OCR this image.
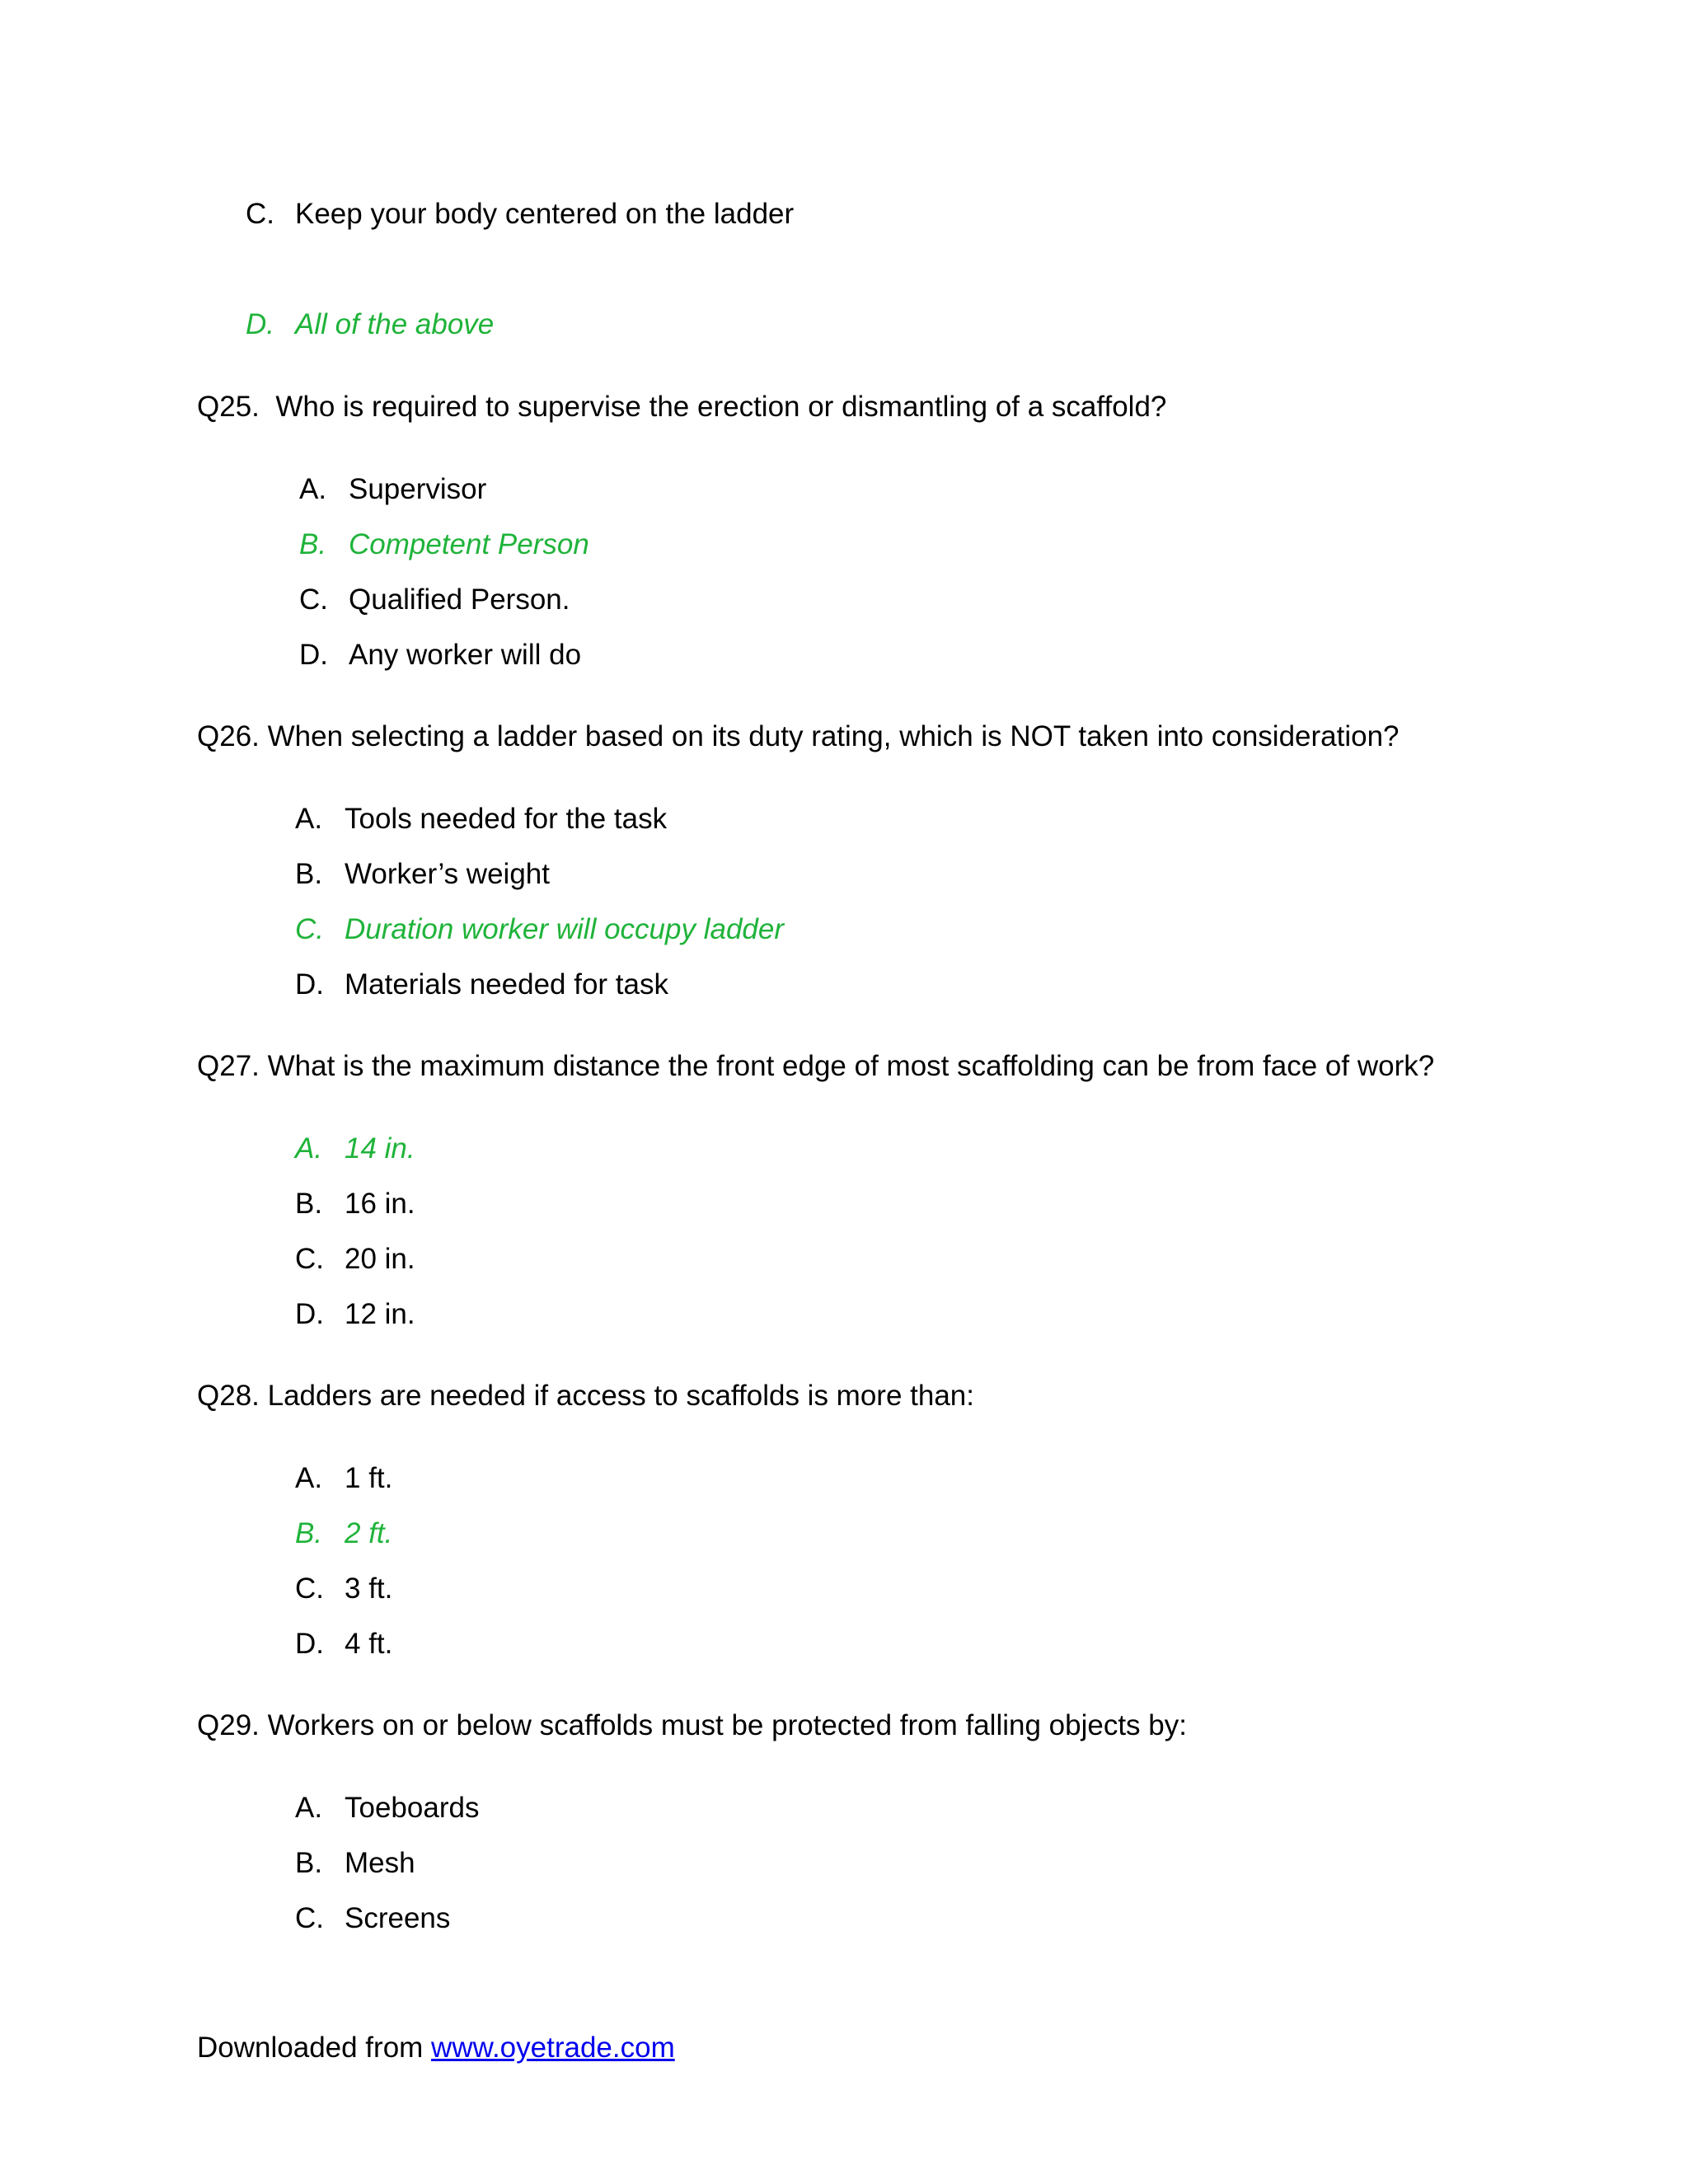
C. Keep your body centered on the ladder
D. All of the above
Q25. Who is required to supervise the erection or dismantling of a scaffold?
A. Supervisor
B. Competent Person
C. Qualified Person.
D. Any worker will do
Q26. When selecting a ladder based on its duty rating, which is NOT taken into consideration?
A. Tools needed for the task
B. Worker’s weight
C. Duration worker will occupy ladder
D. Materials needed for task
Q27. What is the maximum distance the front edge of most scaffolding can be from face of work?
A. 14 in.
B. 16 in.
C. 20 in.
D. 12 in.
Q28. Ladders are needed if access to scaffolds is more than:
A. 1 ft.
B. 2 ft.
C. 3 ft.
D. 4 ft.
Q29. Workers on or below scaffolds must be protected from falling objects by:
A. Toeboards
B. Mesh
C. Screens
Downloaded from www.oyetrade.com
